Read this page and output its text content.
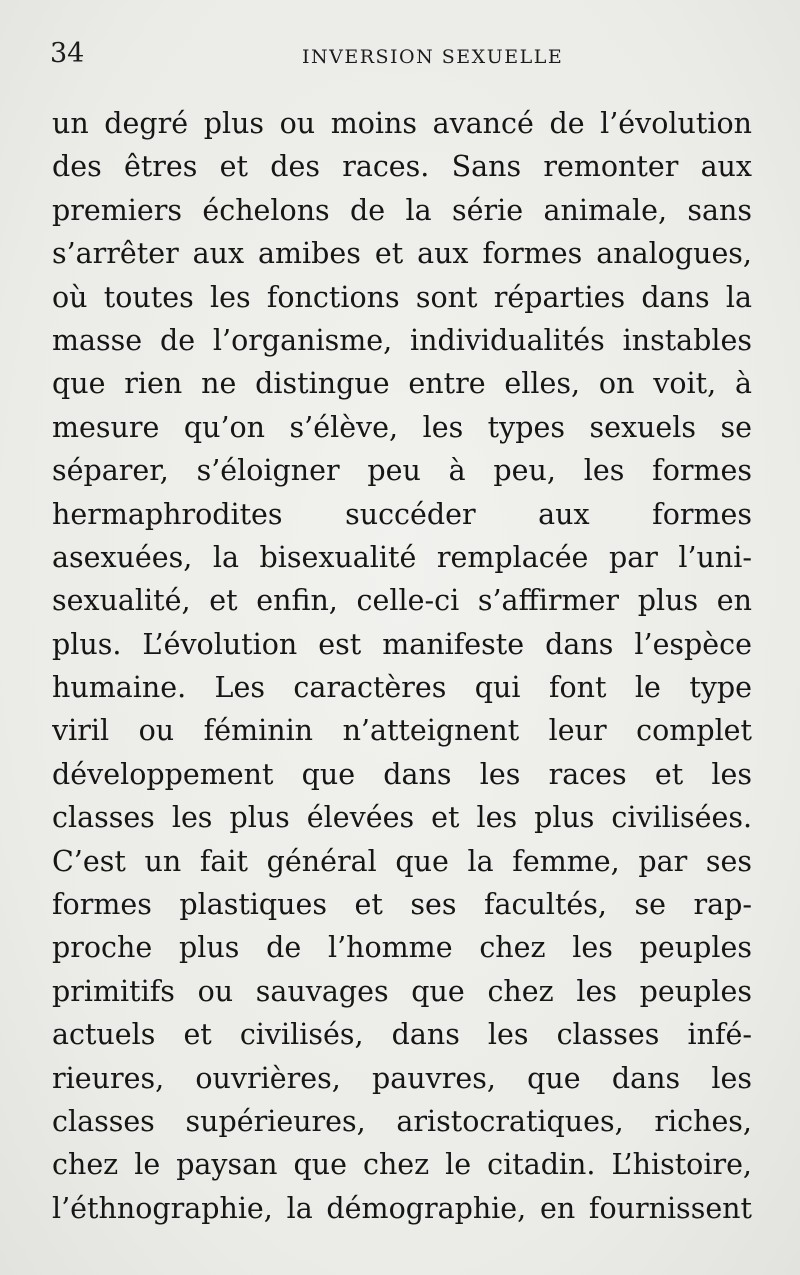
34	INVERSION SEXUELLE
un degré plus ou moins avancé de l’évolution
des êtres et des races. Sans remonter aux
premiers échelons de la série animale, sans
s’arrêter aux amibes et aux formes analogues,
où toutes les fonctions sont réparties dans la
masse de l’organisme, individualités instables
que rien ne distingue entre elles, on voit, à
mesure qu’on s’élève, les types sexuels se
séparer, s’éloigner peu à peu, les formes
hermaphrodites succéder aux formes
asexuées, la bisexualité remplacée par l’uni-
sexualité, et enfin, celle-ci s’affirmer plus en
plus. L’évolution est manifeste dans l’espèce
humaine. Les caractères qui font le type
viril ou féminin n’atteignent leur complet
développement que dans les races et les
classes les plus élevées et les plus civilisées.
C’est un fait général que la femme, par ses
formes plastiques et ses facultés, se rap-
proche plus de l’homme chez les peuples
primitifs ou sauvages que chez les peuples
actuels et civilisés, dans les classes infé-
rieures, ouvrières, pauvres, que dans les
classes supérieures, aristocratiques, riches,
chez le paysan que chez le citadin. L’histoire,
l’éthnographie, la démographie, en fournissent
